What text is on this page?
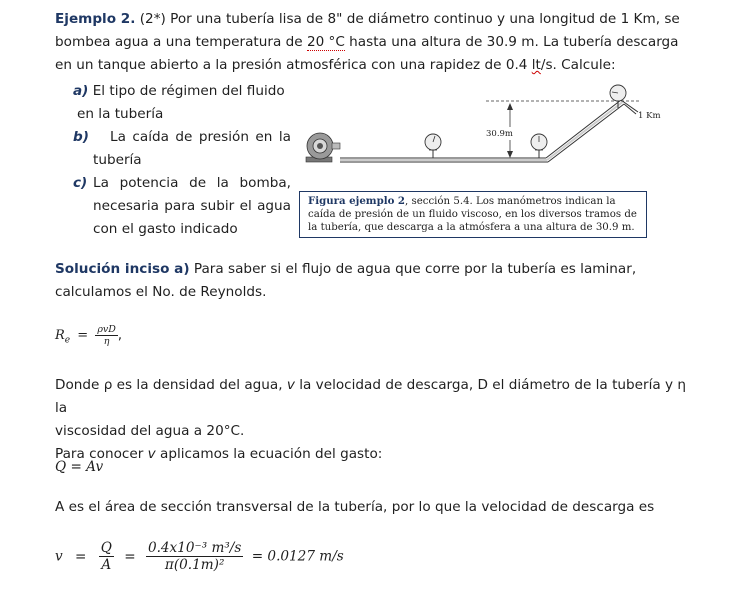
Ejemplo 2. (2*) Por una tubería lisa de 8" de diámetro continuo y una longitud de 1 Km, se bombea agua a una temperatura de 20 °C hasta una altura de 30.9 m. La tubería descarga en un tanque abierto a la presión atmosférica con una rapidez de 0.4 lt/s. Calcule:
a) El tipo de régimen del fluido
en la tubería
b) La caída de presión en la
tubería
c) La potencia de la bomba,
necesaria para subir el agua
con el gasto indicado
30.9m
1 Km
Figura ejemplo 2, sección 5.4. Los manómetros indican la caída de presión de un fluido viscoso, en los diversos tramos de la tubería, que descarga a la atmósfera a una altura de 30.9 m.
Solución inciso a) Para saber si el flujo de agua que corre por la tubería es laminar, calculamos el No. de Reynolds.
$R_e = \frac{\text{ρvD}}{\eta}$ ,
Donde ρ es la densidad del agua, v la velocidad de descarga, D el diámetro de la tubería y η la
viscosidad del agua a 20°C.
Para conocer v aplicamos la ecuación del gasto:
Q = Av
A es el área de sección transversal de la tubería, por lo que la velocidad de descarga es
$v = \frac{Q}{A} = \frac{\text{0.4x10⁻³ m³/s}}{\text{π(0.1m)²}} = 0.0127$ m/s
